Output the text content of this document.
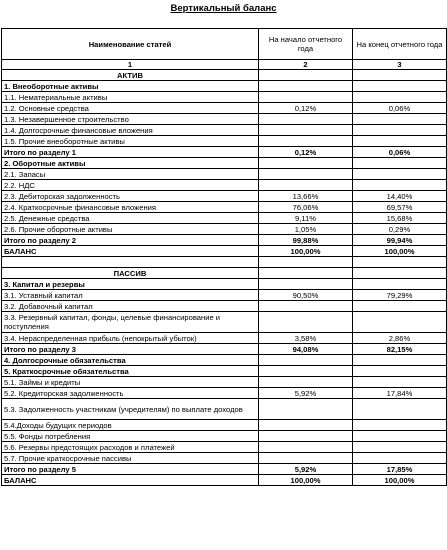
Вертикальный баланс
Наименование статей	На начало отчетного года	На конец отчетного года
1	2	3
АКТИВ		
1. Внеоборотные активы		
1.1. Нематериальные активы		
1.2. Основные средства	0,12%	0,06%
1.3. Незавершенное строительство		
1.4. Долгосрочные финансовые вложения		
1.5. Прочие внеоборотные активы		
Итого по разделу 1	0,12%	0,06%
2. Оборотные активы		
2.1. Запасы		
2.2. НДС		
2.3. Дебиторская задолженность	13,66%	14,40%
2.4. Краткосрочные финансовые вложения	76,06%	69,57%
2.5. Денежные средства	9,11%	15,68%
2.6. Прочие оборотные активы	1,05%	0,29%
Итого по разделу 2	99,88%	99,94%
БАЛАНС	100,00%	100,00%

ПАССИВ		
3. Капитал и резервы		
3.1. Уставный капитал	90,50%	79,29%
3.2. Добавочный капитал		
3.3. Резервный капитал, фонды, целевые финансирование и поступления		
3.4. Нераспределенная прибыль (непокрытый убыток)	3,58%	2,86%
Итого по разделу 3	94,08%	82,15%
4. Долгосрочные обязательства		
5. Краткосрочные обязательства		
5.1. Займы и кредиты		
5.2. Кредиторская задолженность	5,92%	17,84%
5.3. Задолженность участникам (учредителям) по выплате доходов		
5.4.Доходы будущих периодов		
5.5. Фонды потребления		
5.6. Резервы предстоящих расходов и платежей		
5.7. Прочие краткосрочные пассивы		
Итого по разделу 5	5,92%	17,85%
БАЛАНС	100,00%	100,00%
